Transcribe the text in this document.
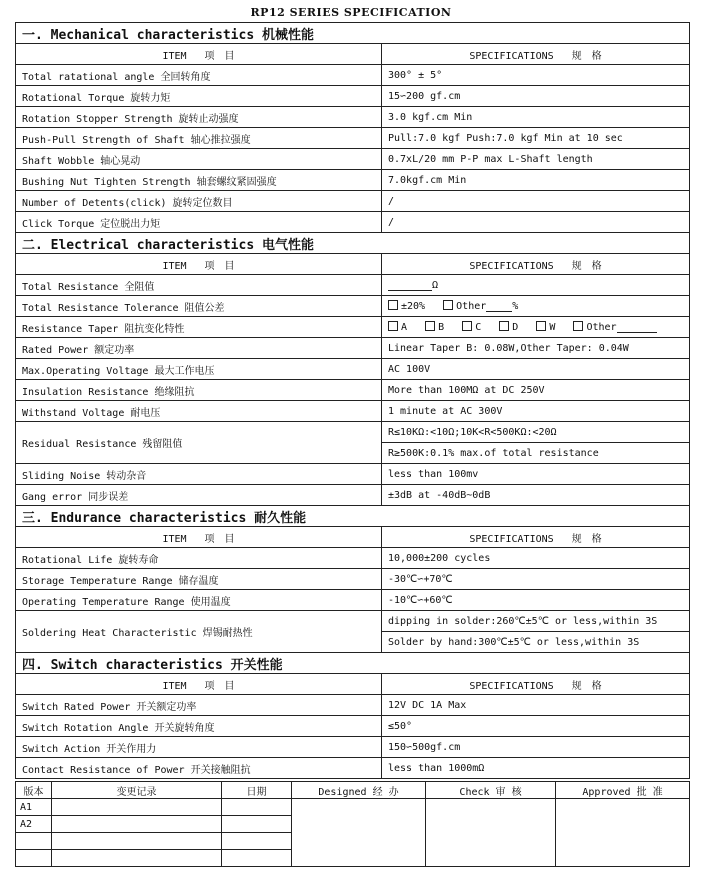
RP12 SERIES SPECIFICATION
一. Mechanical characteristics 机械性能	
ITEM 项　目	SPECIFICATIONS 规　格
Total ratational angle 全回转角度	300° ± 5°
Rotational Torque 旋转力矩	15∽200 gf.cm
Rotation Stopper Strength 旋转止动强度	3.0 kgf.cm Min
Push-Pull Strength of Shaft 轴心推拉强度	Pull:7.0 kgf Push:7.0 kgf Min at 10 sec
Shaft Wobble 轴心晃动	0.7xL/20 mm P-P max L-Shaft length
Bushing Nut Tighten Strength 轴套螺纹紧固强度	7.0kgf.cm Min
Number of Detents(click) 旋转定位数目	/
Click Torque 定位脱出力矩	/
二. Electrical characteristics 电气性能	
ITEM 项　目	SPECIFICATIONS 规　格
Total Resistance 全阻值	Ω
Total Resistance Tolerance 阻值公差	±20% Other %
Resistance Taper 阻抗变化特性	A B C D W Other
Rated Power 额定功率	Linear Taper B: 0.08W,Other Taper: 0.04W
Max.Operating Voltage 最大工作电压	AC 100V
Insulation Resistance 绝缘阻抗	More than 100MΩ at DC 250V
Withstand Voltage 耐电压	1 minute at AC 300V
Residual Resistance 残留阻值	R≤10KΩ:<10Ω;10K<R<500KΩ:<20Ω
	R≥500K:0.1% max.of total resistance
Sliding Noise 转动杂音	less than 100mv
Gang error 同步误差	±3dB at -40dB~0dB
三. Endurance characteristics 耐久性能	
ITEM 项　目	SPECIFICATIONS 规　格
Rotational Life 旋转寿命	10,000±200 cycles
Storage Temperature Range 储存温度	-30℃∽+70℃
Operating Temperature Range 使用温度	-10℃∽+60℃
Soldering Heat Characteristic 焊锡耐热性	dipping in solder:260℃±5℃ or less,within 3S
	Solder by hand:300℃±5℃ or less,within 3S
四. Switch characteristics 开关性能	
ITEM 项　目	SPECIFICATIONS 规　格
Switch Rated Power 开关额定功率	12V DC 1A Max
Switch Rotation Angle 开关旋转角度	≤50°
Switch Action 开关作用力	150∽500gf.cm
Contact Resistance of Power 开关接触阻抗	less than 1000mΩ
版本	变更记录	日期	Designed 经 办	Check 审 核	Approved 批 准
A1					
A2					
